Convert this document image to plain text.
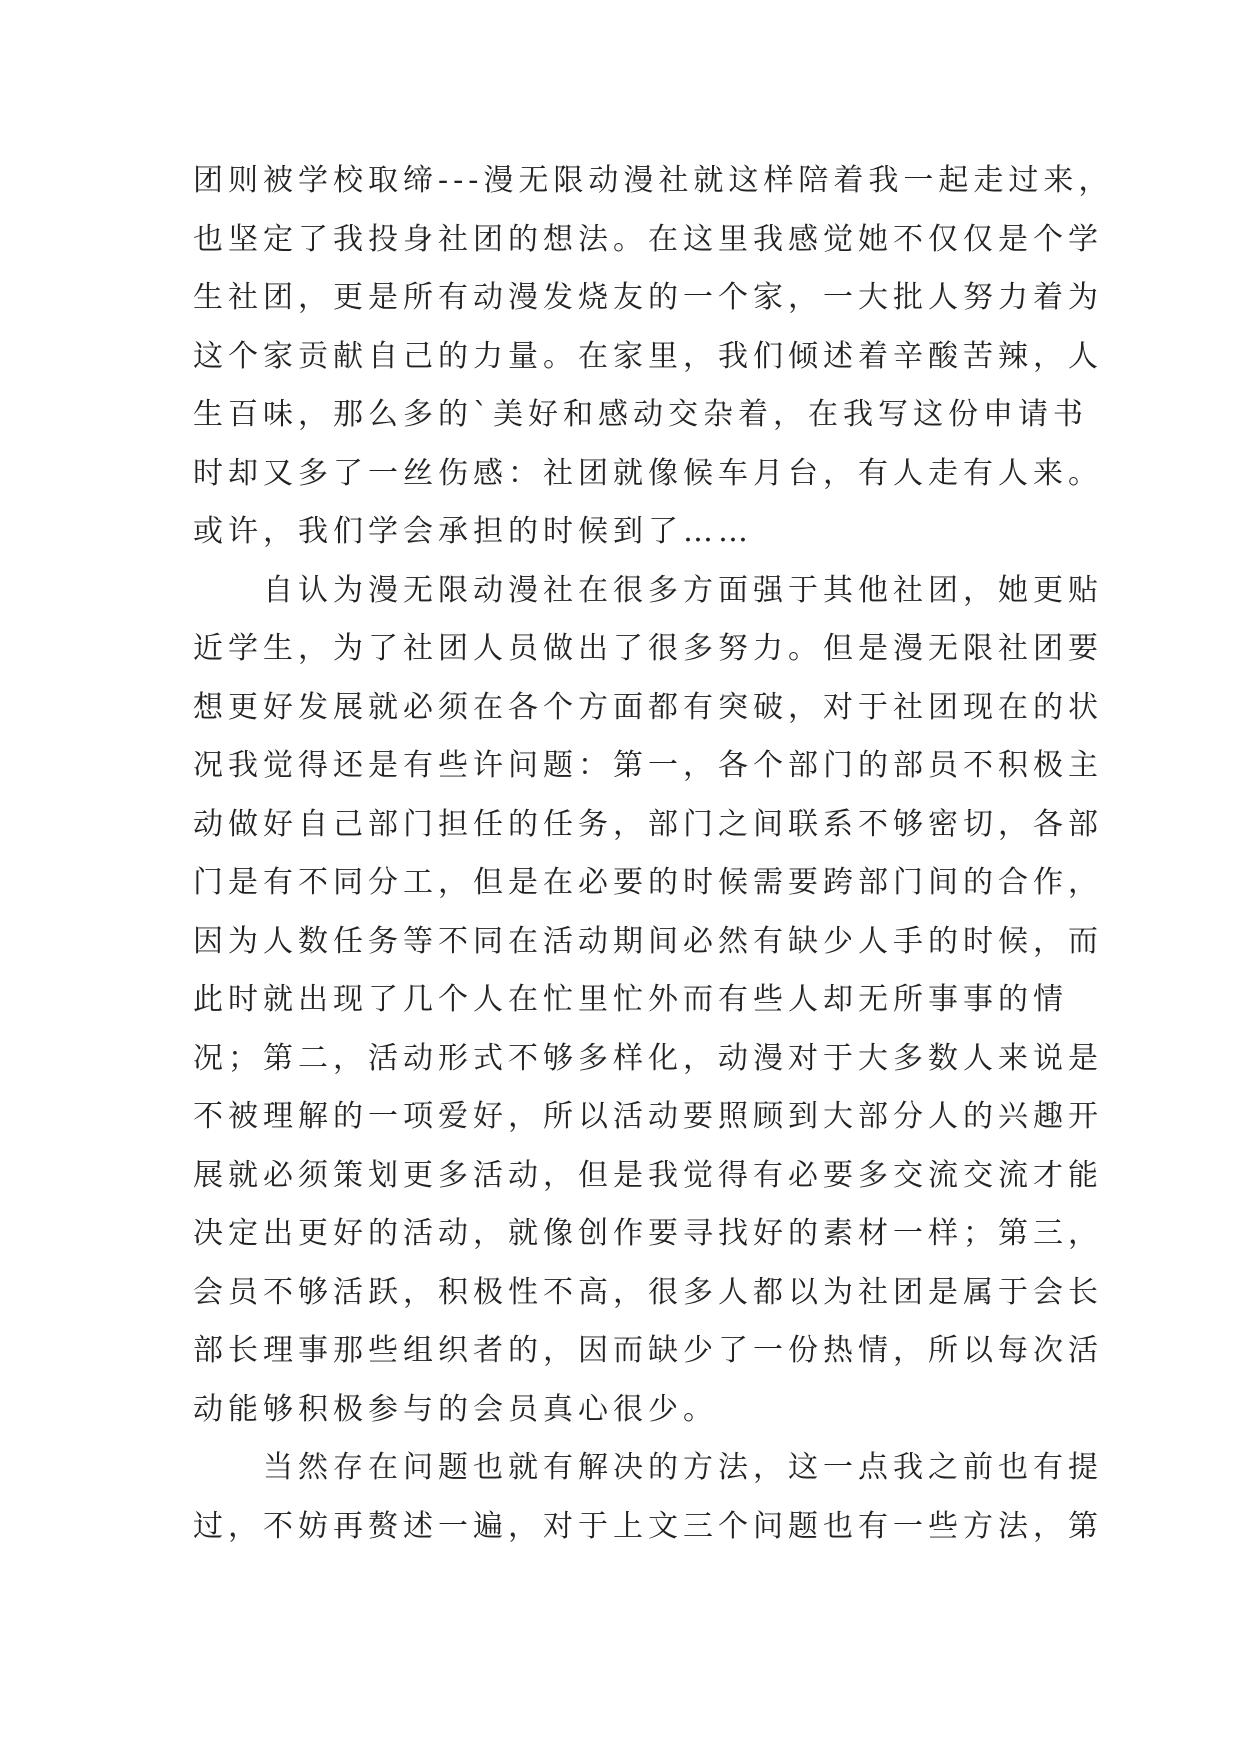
团则被学校取缔---漫无限动漫社就这样陪着我一起走过来，
也坚定了我投身社团的想法。在这里我感觉她不仅仅是个学
生社团，更是所有动漫发烧友的一个家，一大批人努力着为
这个家贡献自己的力量。在家里，我们倾述着辛酸苦辣，人
生百味，那么多的`美好和感动交杂着，在我写这份申请书
时却又多了一丝伤感：社团就像候车月台，有人走有人来。
或许，我们学会承担的时候到了……
自认为漫无限动漫社在很多方面强于其他社团，她更贴
近学生，为了社团人员做出了很多努力。但是漫无限社团要
想更好发展就必须在各个方面都有突破，对于社团现在的状
况我觉得还是有些许问题：第一，各个部门的部员不积极主
动做好自己部门担任的任务，部门之间联系不够密切，各部
门是有不同分工，但是在必要的时候需要跨部门间的合作，
因为人数任务等不同在活动期间必然有缺少人手的时候，而
此时就出现了几个人在忙里忙外而有些人却无所事事的情
况；第二，活动形式不够多样化，动漫对于大多数人来说是
不被理解的一项爱好，所以活动要照顾到大部分人的兴趣开
展就必须策划更多活动，但是我觉得有必要多交流交流才能
决定出更好的活动，就像创作要寻找好的素材一样；第三，
会员不够活跃，积极性不高，很多人都以为社团是属于会长
部长理事那些组织者的，因而缺少了一份热情，所以每次活
动能够积极参与的会员真心很少。
当然存在问题也就有解决的方法，这一点我之前也有提
过，不妨再赘述一遍，对于上文三个问题也有一些方法，第
